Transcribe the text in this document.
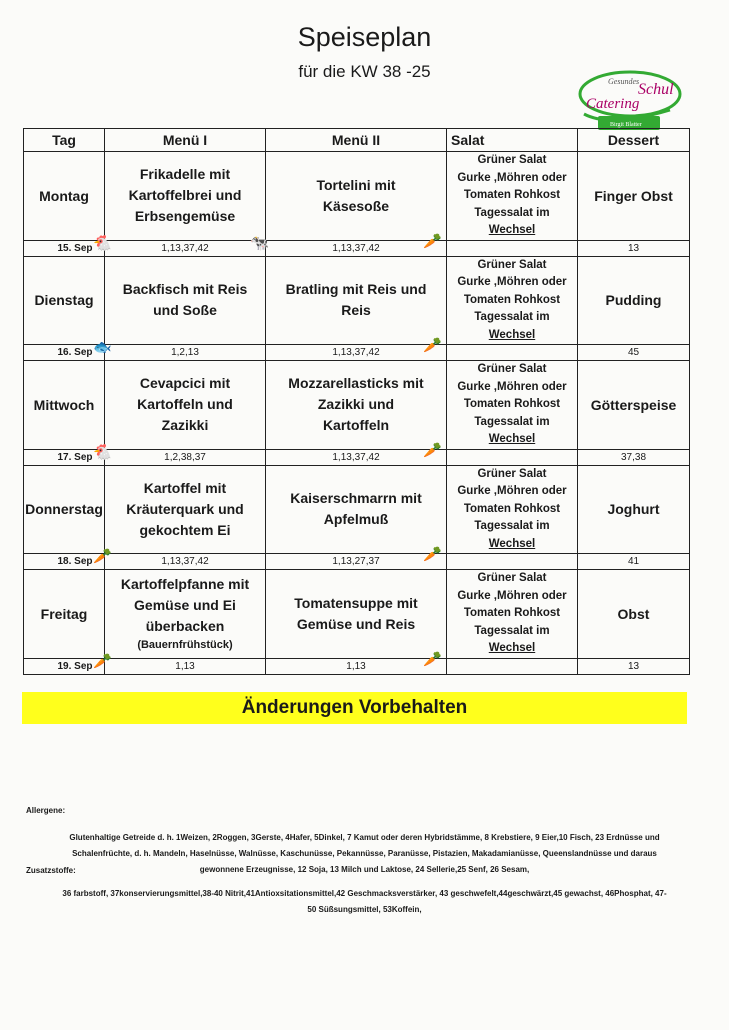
Speiseplan
für die KW 38 -25
Gesundes
Schul
Catering
Birgit Blatter
Tag	Menü I	Menü II	Salat	Dessert
Montag	Frikadelle mit
Kartoffelbrei und
Erbsengemüse
🐔 🐄	Tortelini mit
Käsesoße
🥕	Grüner Salat
Gurke ,Möhren oder
Tomaten Rohkost
Tagessalat im
Wechsel	Finger Obst
15. Sep	1,13,37,42	1,13,37,42		13
Dienstag	Backfisch mit Reis
und Soße
🐟	Bratling mit Reis und
Reis
🥕	Grüner Salat
Gurke ,Möhren oder
Tomaten Rohkost
Tagessalat im
Wechsel	Pudding
16. Sep	1,2,13	1,13,37,42		45
Mittwoch	Cevapcici mit
Kartoffeln und
Zazikki
🐔	Mozzarellasticks mit
Zazikki und
Kartoffeln
🥕	Grüner Salat
Gurke ,Möhren oder
Tomaten Rohkost
Tagessalat im
Wechsel	Götterspeise
17. Sep	1,2,38,37	1,13,37,42		37,38
Donnerstag	Kartoffel mit
Kräuterquark und
gekochtem Ei
🥕	Kaiserschmarrn mit
Apfelmuß
🥕	Grüner Salat
Gurke ,Möhren oder
Tomaten Rohkost
Tagessalat im
Wechsel	Joghurt
18. Sep	1,13,37,42	1,13,27,37		41
Freitag	Kartoffelpfanne mit
Gemüse und Ei
überbacken
(Bauernfrühstück)
🥕	Tomatensuppe mit
Gemüse und Reis
🥕	Grüner Salat
Gurke ,Möhren oder
Tomaten Rohkost
Tagessalat im
Wechsel	Obst
19. Sep	1,13	1,13		13
Änderungen Vorbehalten
Allergene:
Glutenhaltige Getreide d. h. 1Weizen, 2Roggen, 3Gerste, 4Hafer, 5Dinkel, 7 Kamut oder deren Hybridstämme, 8 Krebstiere, 9 Eier,10 Fisch, 23 Erdnüsse und
Schalenfrüchte, d. h. Mandeln, Haselnüsse, Walnüsse, Kaschunüsse, Pekannüsse, Paranüsse, Pistazien, Makadamianüsse, Queenslandnüsse und daraus
gewonnene Erzeugnisse, 12 Soja, 13 Milch und Laktose, 24 Sellerie,25 Senf, 26 Sesam,
Zusatzstoffe:
36 farbstoff, 37konservierungsmittel,38-40 Nitrit,41Antioxsitationsmittel,42 Geschmacksverstärker, 43 geschwefelt,44geschwärzt,45 gewachst, 46Phosphat, 47-
50 Süßsungsmittel, 53Koffein,
